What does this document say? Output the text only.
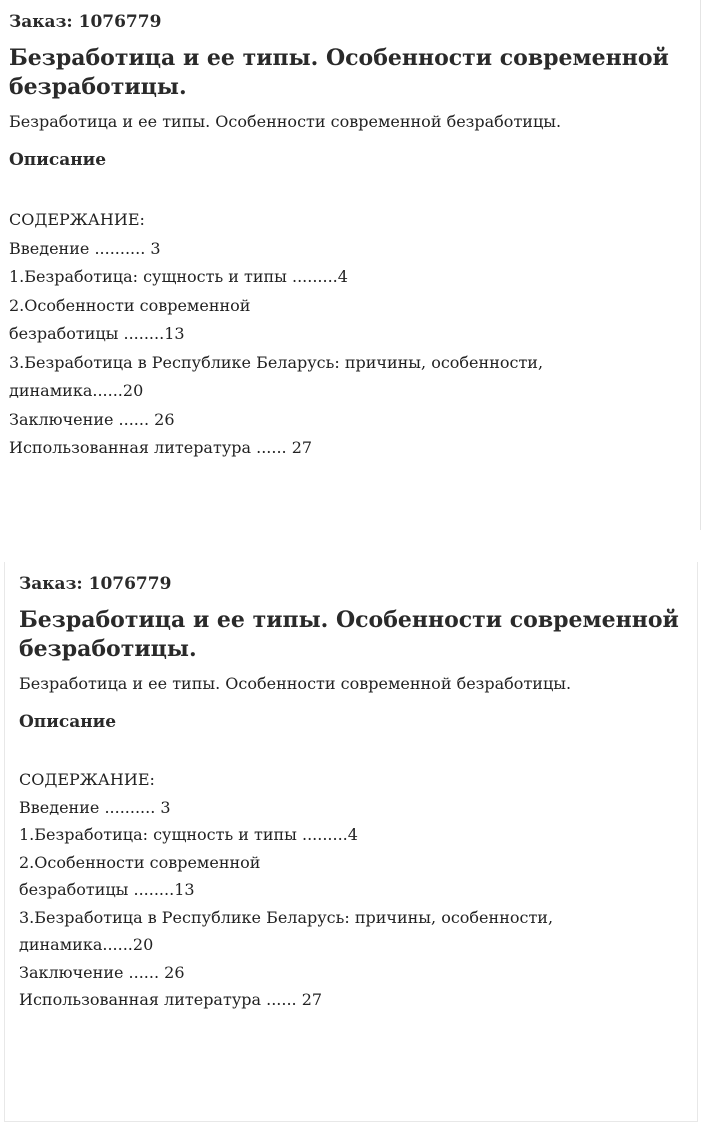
Заказ: 1076779

Безработица и ее типы. Особенности современной
безработицы.

Безработица и ее типы. Особенности современной безработицы.

Описание
СОДЕРЖАНИЕ:
Введение .......... 3
1.Безработица: сущность и типы .........4
2.Особенности современной
безработицы ........13
3.Безработица в Республике Беларусь: причины, особенности,
динамика......20
Заключение ...... 26
Использованная литература ...... 27

Заказ: 1076779

Безработица и ее типы. Особенности современной
безработицы.

Безработица и ее типы. Особенности современной безработицы.

Описание
СОДЕРЖАНИЕ:
Введение .......... 3
1.Безработица: сущность и типы .........4
2.Особенности современной
безработицы ........13
3.Безработица в Республике Беларусь: причины, особенности,
динамика......20
Заключение ...... 26
Использованная литература ...... 27
